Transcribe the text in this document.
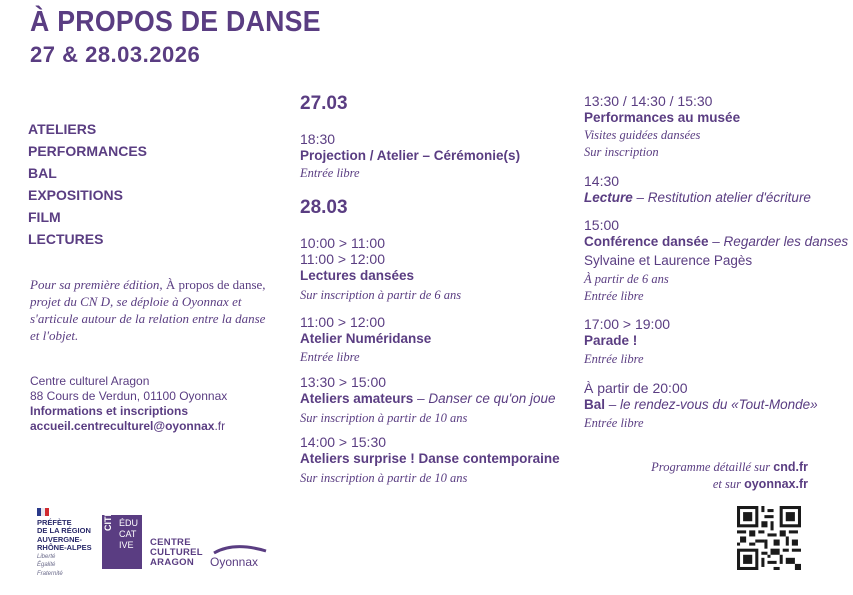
À PROPOS DE DANSE
27 & 28.03.2026
ATELIERS
PERFORMANCES
BAL
EXPOSITIONS
FILM
LECTURES
Pour sa première édition, À propos de danse, projet du CN D, se déploie à Oyonnax et s'articule autour de la relation entre la danse et l'objet.
Centre culturel Aragon
88 Cours de Verdun, 01100 Oyonnax
Informations et inscriptions
accueil.centreculturel@oyonnax.fr
27.03
18:30
Projection / Atelier – Cérémonie(s)
Entrée libre
28.03
10:00 > 11:00
11:00 > 12:00
Lectures dansées
Sur inscription à partir de 6 ans
11:00 > 12:00
Atelier Numéridanse
Entrée libre
13:30 > 15:00
Ateliers amateurs – Danser ce qu'on joue
Sur inscription à partir de 10 ans
14:00 > 15:30
Ateliers surprise ! Danse contemporaine
Sur inscription à partir de 10 ans
13:30 / 14:30 / 15:30
Performances au musée
Visites guidées dansées
Sur inscription
14:30
Lecture – Restitution atelier d'écriture
15:00
Conférence dansée – Regarder les danses
Sylvaine et Laurence Pagès
À partir de 6 ans
Entrée libre
17:00 > 19:00
Parade !
Entrée libre
À partir de 20:00
Bal – le rendez-vous du «Tout-Monde»
Entrée libre
Programme détaillé sur cnd.fr
et sur oyonnax.fr
PRÉFÈTE
DE LA RÉGION
AUVERGNE-
RHÔNE-ALPES
Liberté
Égalité
Fraternité
CITÉ ÉDU
CAT
IVE	CENTRE
CULTUREL
ARAGON	Oyonnax
